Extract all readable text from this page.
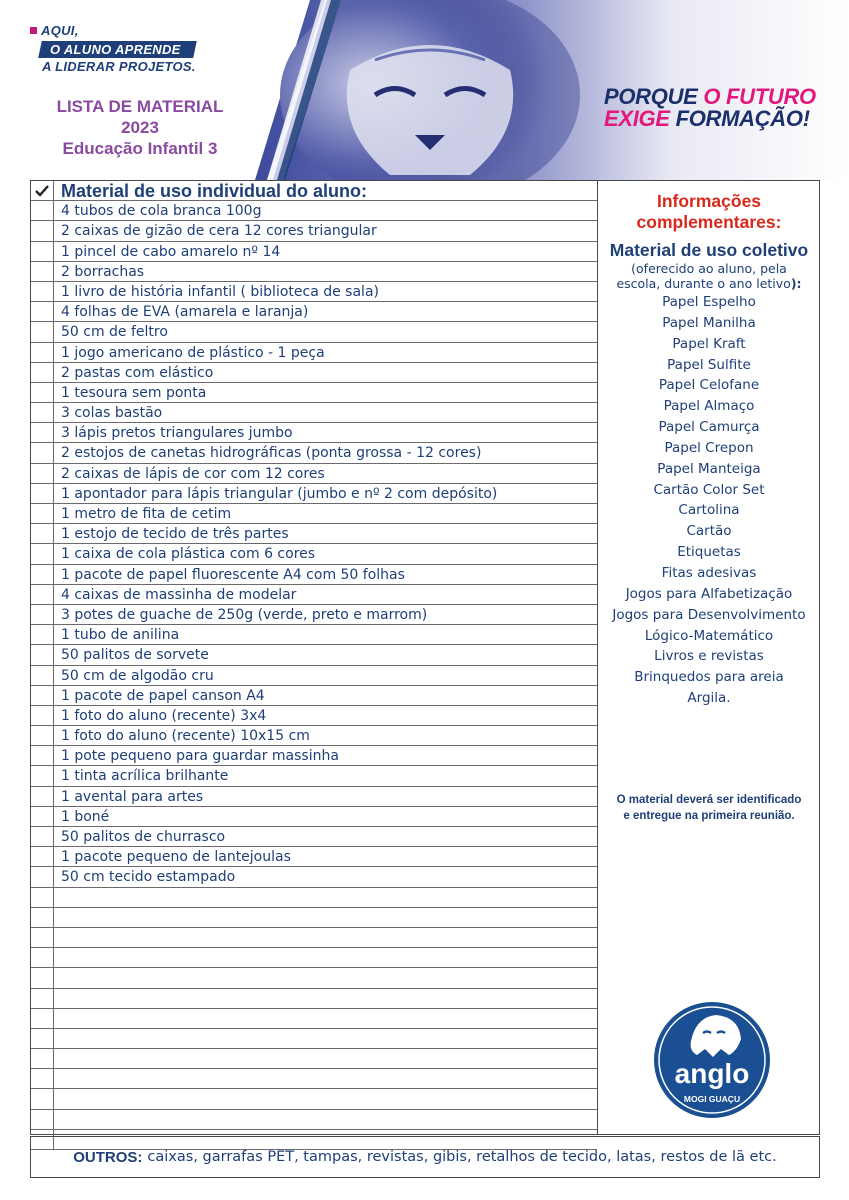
AQUI,
O ALUNO APRENDE
A LIDERAR PROJETOS.
LISTA DE MATERIAL
2023
Educação Infantil 3
PORQUE O FUTURO
EXIGE FORMAÇÃO!
Material de uso individual do aluno:
4 tubos de cola branca 100g
2 caixas de gizão de cera 12 cores triangular
1 pincel de cabo amarelo nº 14
2 borrachas
1 livro de história infantil ( biblioteca de sala)
4 folhas de EVA (amarela e laranja)
50 cm de feltro
1 jogo americano de plástico - 1 peça
2 pastas com elástico
1 tesoura sem ponta
3 colas bastão
3 lápis pretos triangulares jumbo
2 estojos de canetas hidrográficas (ponta grossa - 12 cores)
2 caixas de lápis de cor com 12 cores
1 apontador para lápis triangular (jumbo e nº 2 com depósito)
1 metro de fita de cetim
1 estojo de tecido de três partes
1 caixa de cola plástica com 6 cores
1 pacote de papel fluorescente A4 com 50 folhas
4 caixas de massinha de modelar
3 potes de guache de 250g (verde, preto e marrom)
1 tubo de anilina
50 palitos de sorvete
50 cm de algodão cru
1 pacote de papel canson A4
1 foto do aluno (recente) 3x4
1 foto do aluno (recente) 10x15 cm
1 pote pequeno para guardar massinha
1 tinta acrílica brilhante
1 avental para artes
1 boné
50 palitos de churrasco
1 pacote pequeno de lantejoulas
50 cm tecido estampado
Informações
complementares:
Material de uso coletivo
(oferecido ao aluno, pela
escola, durante o ano letivo):
Papel Espelho
Papel Manilha
Papel Kraft
Papel Sulfite
Papel Celofane
Papel Almaço
Papel Camurça
Papel Crepon
Papel Manteiga
Cartão Color Set
Cartolina
Cartão
Etiquetas
Fitas adesivas
Jogos para Alfabetização
Jogos para Desenvolvimento
Lógico-Matemático
Livros e revistas
Brinquedos para areia
Argila.
O material deverá ser identificado
e entregue na primeira reunião.
anglo
MOGI GUAÇU
OUTROS: caixas, garrafas PET, tampas, revistas, gibis, retalhos de tecido, latas, restos de lã etc.
